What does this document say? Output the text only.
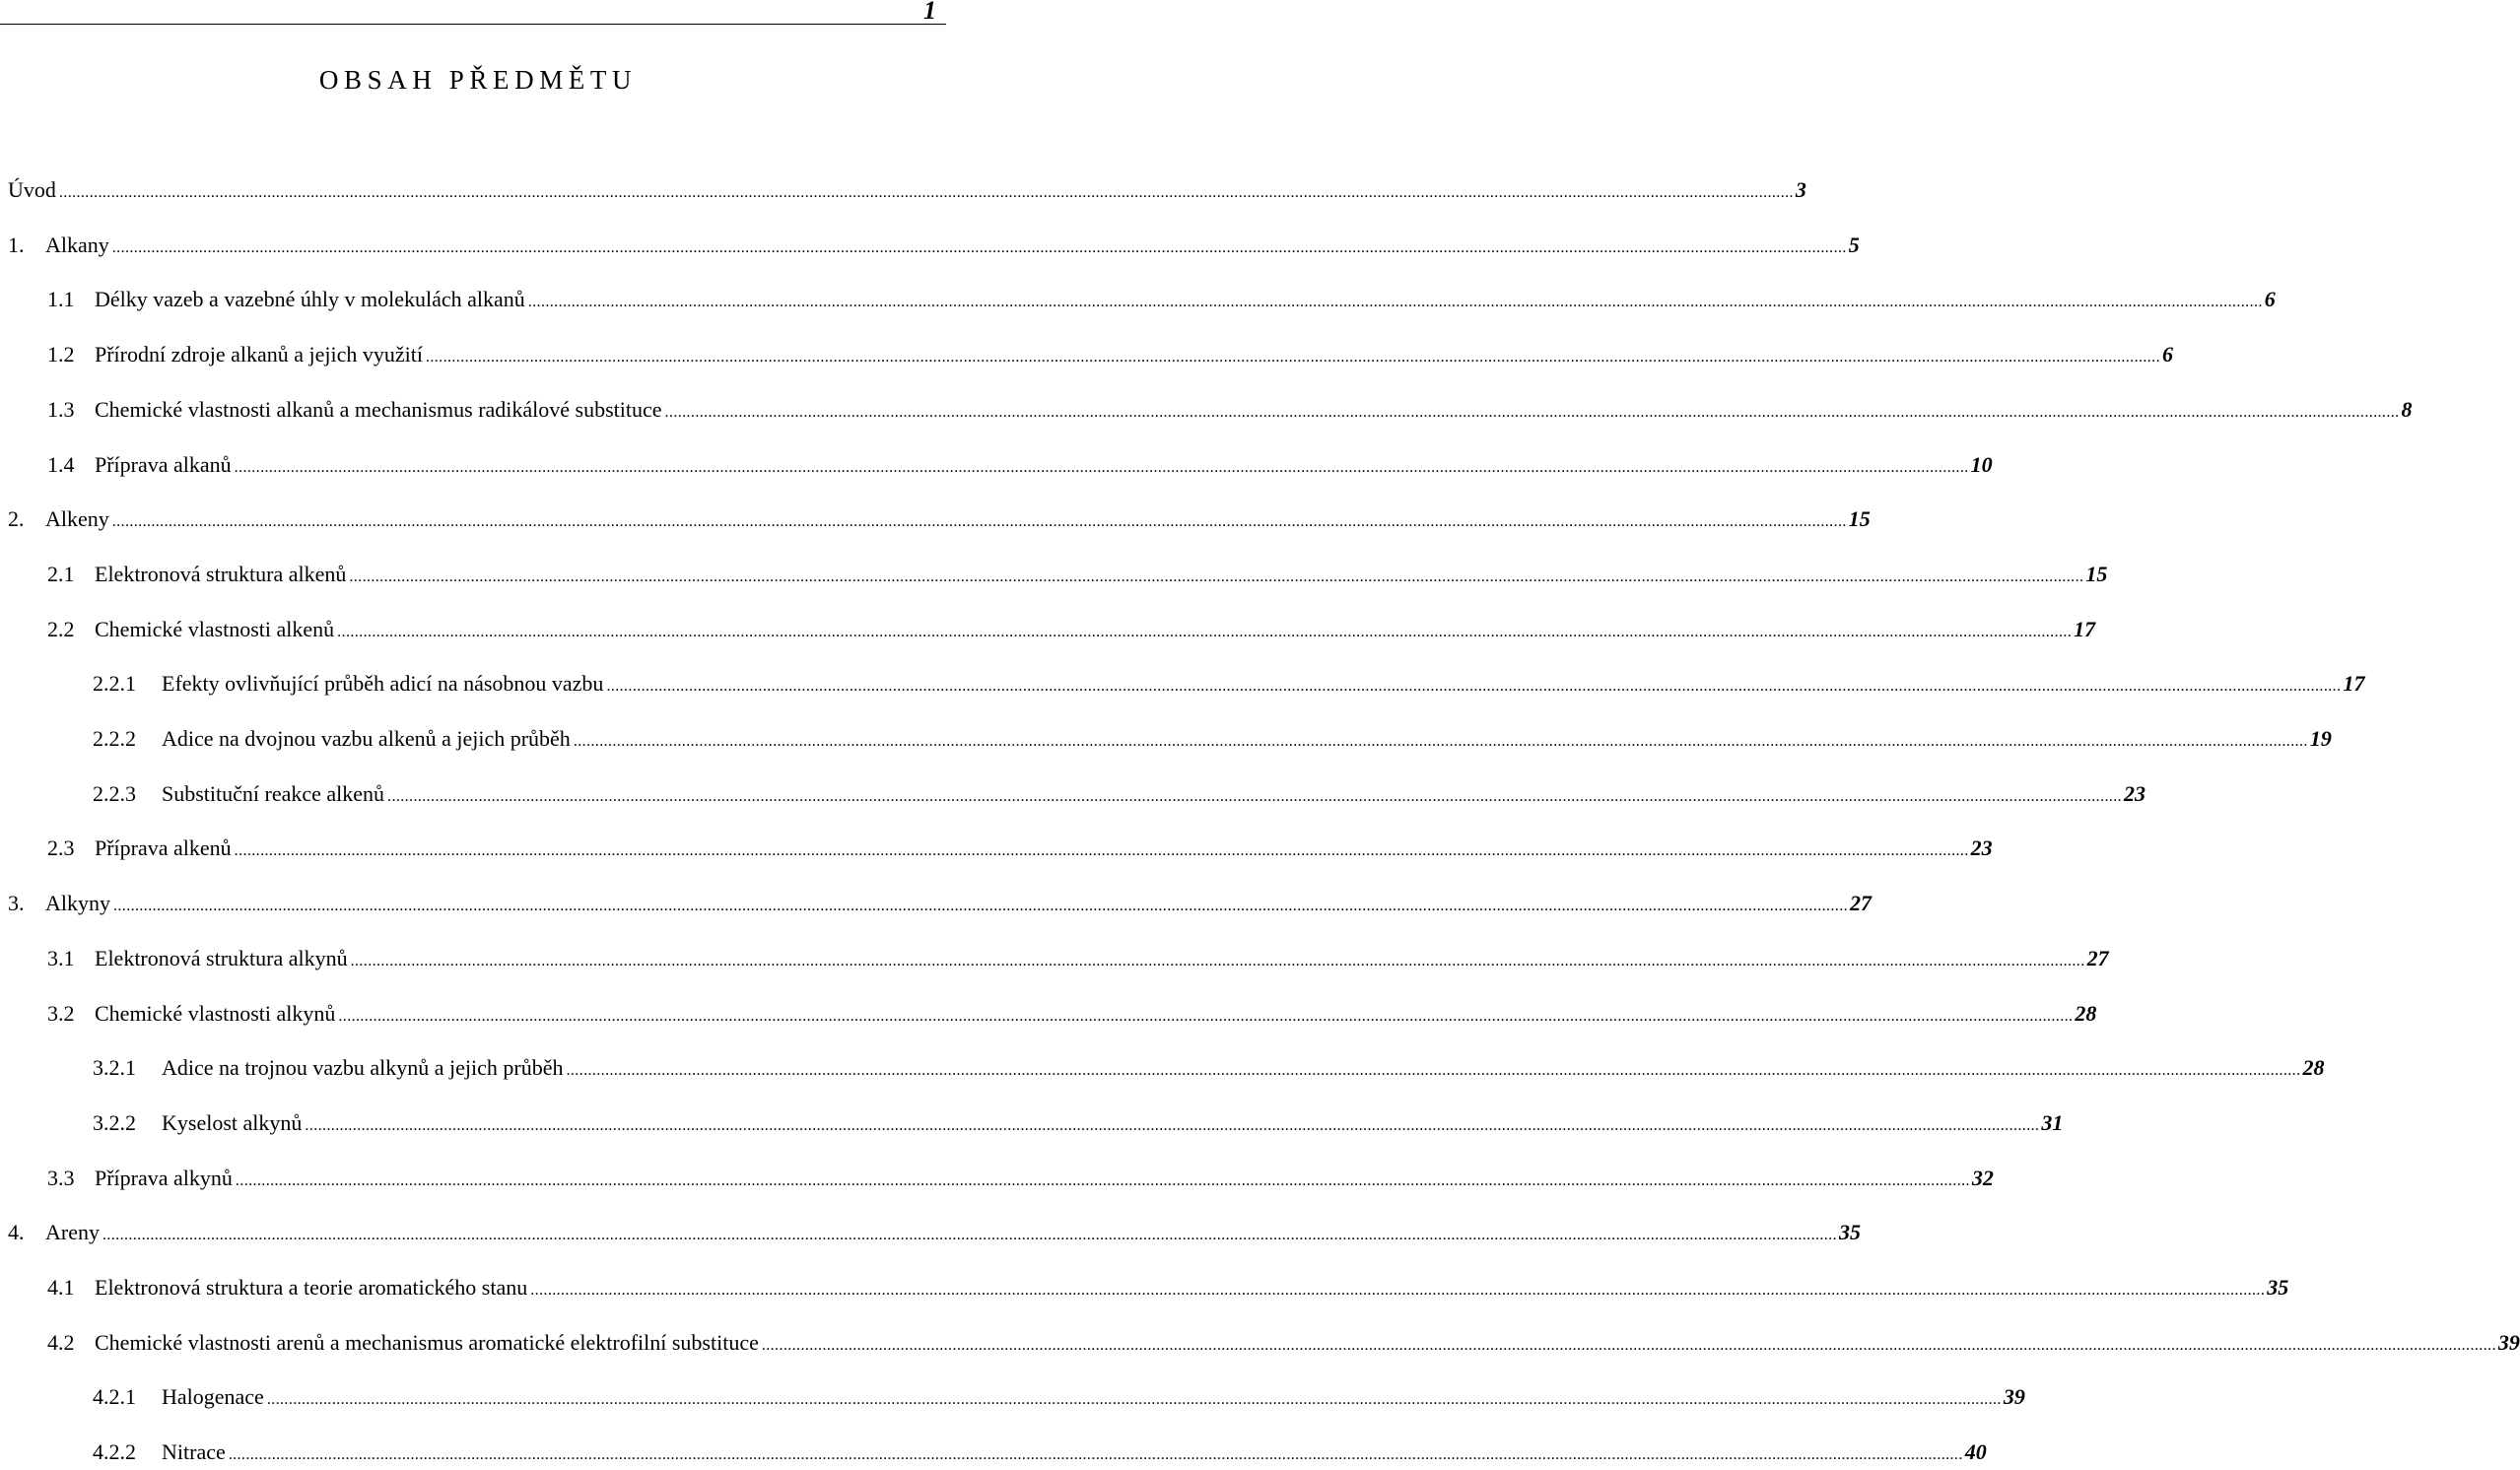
1
OBSAH PŘEDMĚTU
Úvod ................................................................................................................................................................................................................................................................................................................................................................................................................ 3
1. Alkany ................................................................................................................................................................................................................................................................................................................................................................................................................ 5
1.1 Délky vazeb a vazebné úhly v molekulách alkanů ................................................................................................................................................................................................................................................................................................................................................................................................................ 6
1.2 Přírodní zdroje alkanů a jejich využití ................................................................................................................................................................................................................................................................................................................................................................................................................ 6
1.3 Chemické vlastnosti alkanů a mechanismus radikálové substituce ................................................................................................................................................................................................................................................................................................................................................................................................................ 8
1.4 Příprava alkanů ................................................................................................................................................................................................................................................................................................................................................................................................................ 10
2. Alkeny ................................................................................................................................................................................................................................................................................................................................................................................................................ 15
2.1 Elektronová struktura alkenů ................................................................................................................................................................................................................................................................................................................................................................................................................ 15
2.2 Chemické vlastnosti alkenů ................................................................................................................................................................................................................................................................................................................................................................................................................ 17
2.2.1	Efekty ovlivňující průběh adicí na násobnou vazbu ................................................................................................................................................................................................................................................................................................................................................................................................................ 17
2.2.2	Adice na dvojnou vazbu alkenů a jejich průběh ................................................................................................................................................................................................................................................................................................................................................................................................................ 19
2.2.3	Substituční reakce alkenů ................................................................................................................................................................................................................................................................................................................................................................................................................ 23
2.3 Příprava alkenů ................................................................................................................................................................................................................................................................................................................................................................................................................ 23
3. Alkyny ................................................................................................................................................................................................................................................................................................................................................................................................................ 27
3.1 Elektronová struktura alkynů ................................................................................................................................................................................................................................................................................................................................................................................................................ 27
3.2 Chemické vlastnosti alkynů ................................................................................................................................................................................................................................................................................................................................................................................................................ 28
3.2.1	Adice na trojnou vazbu alkynů a jejich průběh ................................................................................................................................................................................................................................................................................................................................................................................................................ 28
3.2.2	Kyselost alkynů ................................................................................................................................................................................................................................................................................................................................................................................................................ 31
3.3 Příprava alkynů ................................................................................................................................................................................................................................................................................................................................................................................................................ 32
4. Areny ................................................................................................................................................................................................................................................................................................................................................................................................................ 35
4.1 Elektronová struktura a teorie aromatického stanu ................................................................................................................................................................................................................................................................................................................................................................................................................ 35
4.2 Chemické vlastnosti arenů a mechanismus aromatické elektrofilní substituce ................................................................................................................................................................................................................................................................................................................................................................................................................ 39
4.2.1	Halogenace ................................................................................................................................................................................................................................................................................................................................................................................................................ 39
4.2.2	Nitrace ................................................................................................................................................................................................................................................................................................................................................................................................................ 40
